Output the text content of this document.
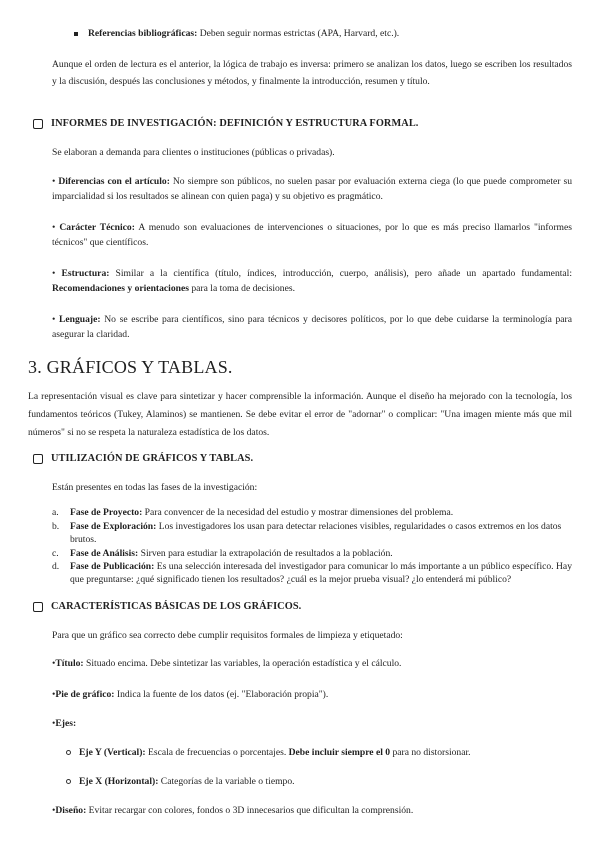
Referencias bibliográficas: Deben seguir normas estrictas (APA, Harvard, etc.).
Aunque el orden de lectura es el anterior, la lógica de trabajo es inversa: primero se analizan los datos, luego se escriben los resultados y la discusión, después las conclusiones y métodos, y finalmente la introducción, resumen y título.
INFORMES DE INVESTIGACIÓN: DEFINICIÓN Y ESTRUCTURA FORMAL.
Se elaboran a demanda para clientes o instituciones (públicas o privadas).
• Diferencias con el artículo: No siempre son públicos, no suelen pasar por evaluación externa ciega (lo que puede comprometer su imparcialidad si los resultados se alinean con quien paga) y su objetivo es pragmático.
• Carácter Técnico: A menudo son evaluaciones de intervenciones o situaciones, por lo que es más preciso llamarlos "informes técnicos" que científicos.
• Estructura: Similar a la científica (título, índices, introducción, cuerpo, análisis), pero añade un apartado fundamental: Recomendaciones y orientaciones para la toma de decisiones.
• Lenguaje: No se escribe para científicos, sino para técnicos y decisores políticos, por lo que debe cuidarse la terminología para asegurar la claridad.
3. GRÁFICOS Y TABLAS.
La representación visual es clave para sintetizar y hacer comprensible la información. Aunque el diseño ha mejorado con la tecnología, los fundamentos teóricos (Tukey, Alaminos) se mantienen. Se debe evitar el error de "adornar" o complicar: "Una imagen miente más que mil números" si no se respeta la naturaleza estadística de los datos.
UTILIZACIÓN DE GRÁFICOS Y TABLAS.
Están presentes en todas las fases de la investigación:
a. Fase de Proyecto: Para convencer de la necesidad del estudio y mostrar dimensiones del problema.
b. Fase de Exploración: Los investigadores los usan para detectar relaciones visibles, regularidades o casos extremos en los datos brutos.
c. Fase de Análisis: Sirven para estudiar la extrapolación de resultados a la población.
d. Fase de Publicación: Es una selección interesada del investigador para comunicar lo más importante a un público específico. Hay que preguntarse: ¿qué significado tienen los resultados? ¿cuál es la mejor prueba visual? ¿lo entenderá mi público?
CARACTERÍSTICAS BÁSICAS DE LOS GRÁFICOS.
Para que un gráfico sea correcto debe cumplir requisitos formales de limpieza y etiquetado:
•Título: Situado encima. Debe sintetizar las variables, la operación estadística y el cálculo.
•Pie de gráfico: Indica la fuente de los datos (ej. "Elaboración propia").
•Ejes:
Eje Y (Vertical): Escala de frecuencias o porcentajes. Debe incluir siempre el 0 para no distorsionar.
Eje X (Horizontal): Categorías de la variable o tiempo.
•Diseño: Evitar recargar con colores, fondos o 3D innecesarios que dificultan la comprensión.
